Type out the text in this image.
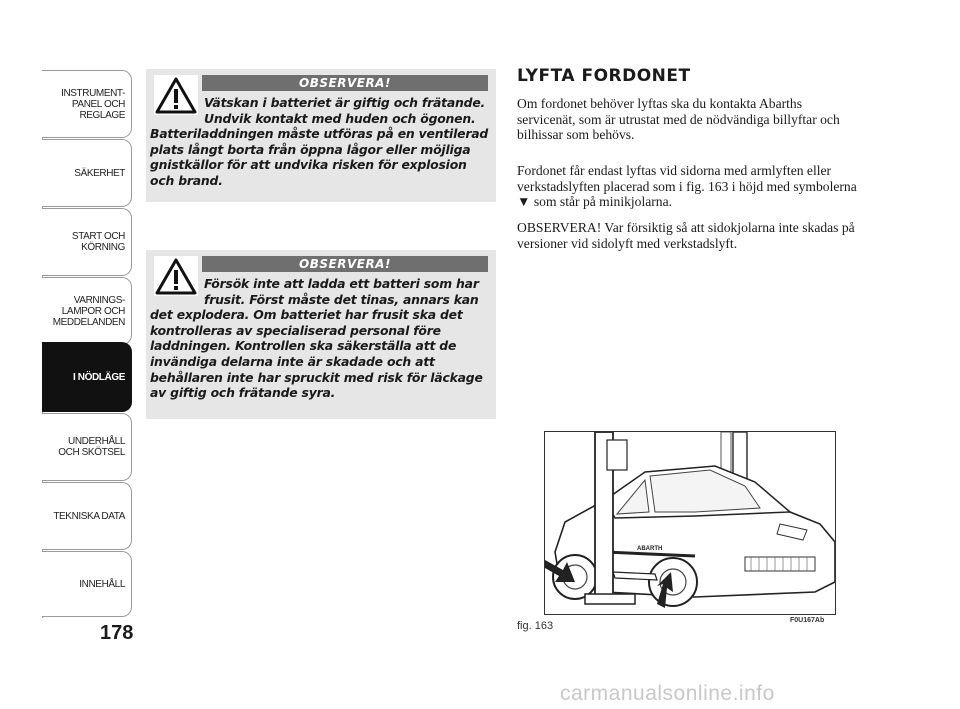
INSTRUMENT-
PANEL OCH
REGLAGE
SÄKERHET
START OCH
KÖRNING
VARNINGS-
LAMPOR OCH
MEDDELANDEN
I NÖDLÄGE
UNDERHÅLL
OCH SKÖTSEL
TEKNISKA DATA
INNEHÅLL
178
OBSERVERA!
Vätskan i batteriet är giftig och frätande. Undvik kontakt med huden och ögonen.
Batteriladdningen måste utföras på en ventilerad plats långt borta från öppna lågor eller möjliga gnistkällor för att undvika risken för explosion och brand.
OBSERVERA!
Försök inte att ladda ett batteri som har frusit. Först måste det tinas, annars kan
det explodera. Om batteriet har frusit ska det kontrolleras av specialiserad personal före laddningen. Kontrollen ska säkerställa att de invändiga delarna inte är skadade och att behållaren inte har spruckit med risk för läckage av giftig och frätande syra.
LYFTA FORDONET
Om fordonet behöver lyftas ska du kontakta Abarths servicenät, som är utrustat med de nödvändiga billyftar och bilhissar som behövs.
Fordonet får endast lyftas vid sidorna med armlyften eller verkstadslyften placerad som i fig. 163 i höjd med symbolerna ▼ som står på minikjolarna.
OBSERVERA! Var försiktig så att sidokjolarna inte skadas på versioner vid sidolyft med verkstadslyft.
ABARTH
fig. 163	F0U167Ab
carmanualsonline.info
